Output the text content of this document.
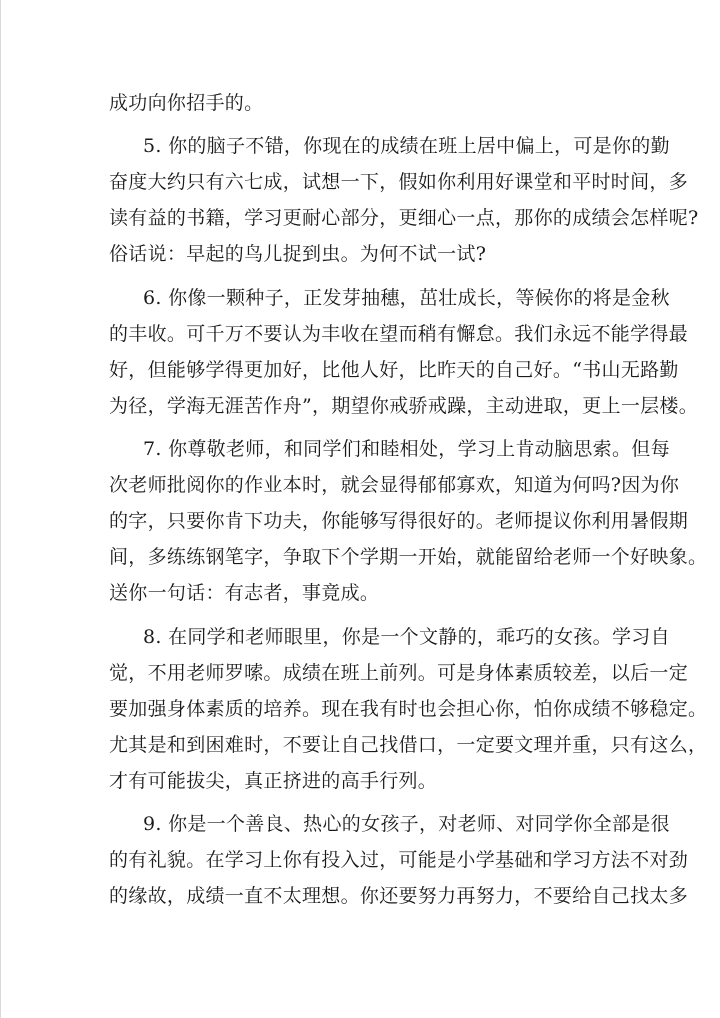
成功向你招手的。
5. 你的脑子不错，你现在的成绩在班上居中偏上，可是你的勤
奋度大约只有六七成，试想一下，假如你利用好课堂和平时时间，多
读有益的书籍，学习更耐心部分，更细心一点，那你的成绩会怎样呢?
俗话说：早起的鸟儿捉到虫。为何不试一试?
6. 你像一颗种子，正发芽抽穗，茁壮成长，等候你的将是金秋
的丰收。可千万不要认为丰收在望而稍有懈怠。我们永远不能学得最
好，但能够学得更加好，比他人好，比昨天的自己好。“书山无路勤
为径，学海无涯苦作舟”，期望你戒骄戒躁，主动进取，更上一层楼。
7. 你尊敬老师，和同学们和睦相处，学习上肯动脑思索。但每
次老师批阅你的作业本时，就会显得郁郁寡欢，知道为何吗?因为你
的字，只要你肯下功夫，你能够写得很好的。老师提议你利用暑假期
间，多练练钢笔字，争取下个学期一开始，就能留给老师一个好映象。
送你一句话：有志者，事竟成。
8. 在同学和老师眼里，你是一个文静的，乖巧的女孩。学习自
觉，不用老师罗嗦。成绩在班上前列。可是身体素质较差，以后一定
要加强身体素质的培养。现在我有时也会担心你，怕你成绩不够稳定。
尤其是和到困难时，不要让自己找借口，一定要文理并重，只有这么，
才有可能拔尖，真正挤进的高手行列。
9. 你是一个善良、热心的女孩子，对老师、对同学你全部是很
的有礼貌。在学习上你有投入过，可能是小学基础和学习方法不对劲
的缘故，成绩一直不太理想。你还要努力再努力，不要给自己找太多
